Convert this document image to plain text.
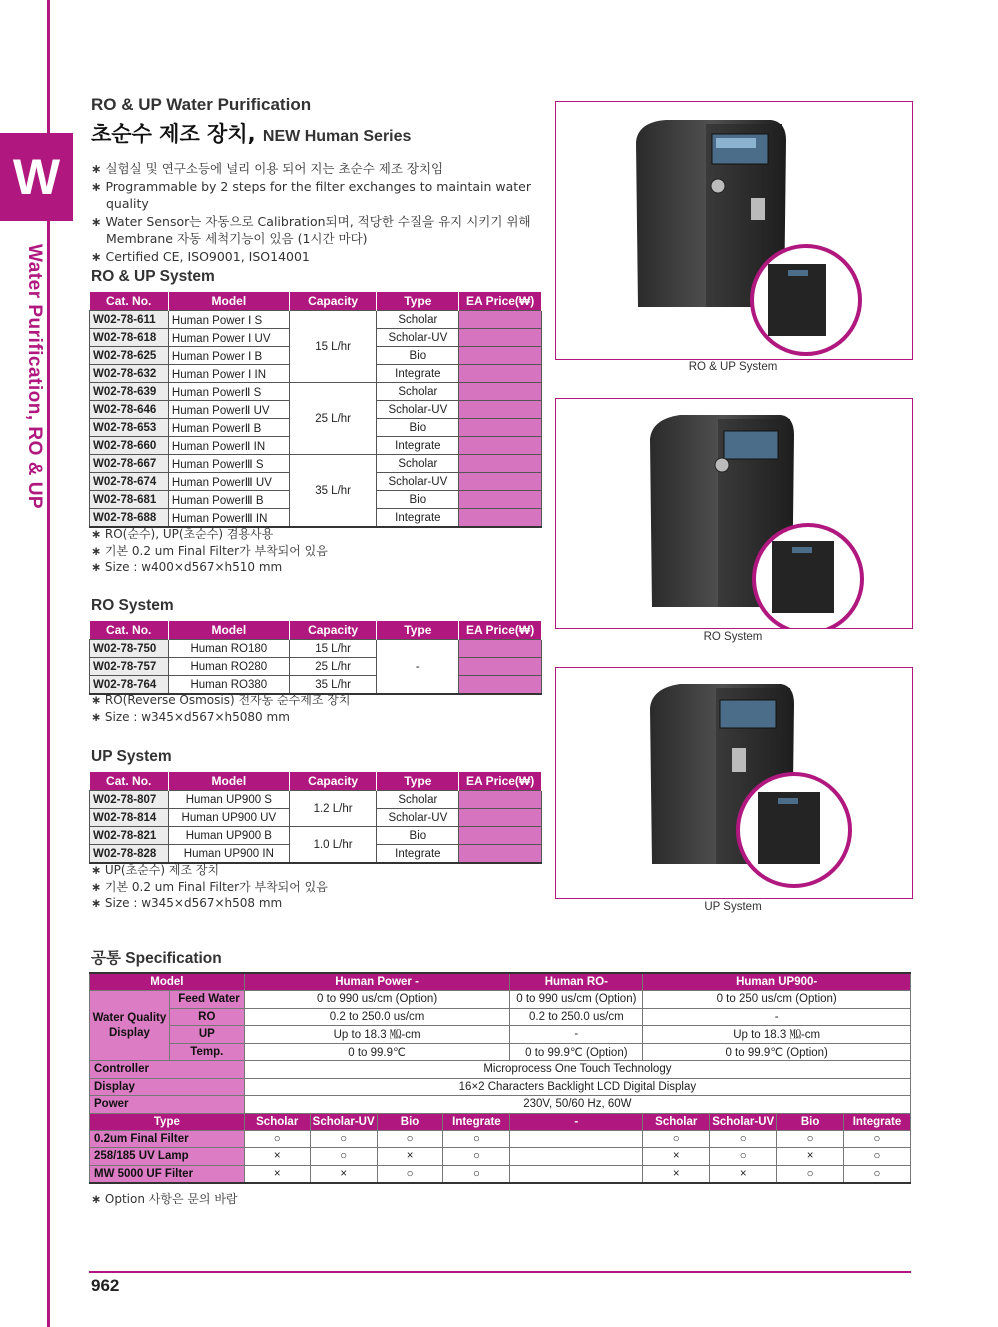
W
Water Purification, RO & UP
RO & UP Water Purification
초순수 제조 장치, NEW Human Series
∗ 실험실 및 연구소등에 널리 이용 되어 지는 초순수 제조 장치임
∗ Programmable by 2 steps for the filter exchanges to maintain water quality
∗ Water Sensor는 자동으로 Calibration되며, 적당한 수질을 유지 시키기 위해 Membrane 자동 세척기능이 있음 (1시간 마다)
∗ Certified CE, ISO9001, ISO14001
RO & UP System
Cat. No.	Model	Capacity	Type	EA Price(₩)
W02-78-611	Human Power Ⅰ S	15 L/hr	Scholar	
W02-78-618	Human Power Ⅰ UV		Scholar-UV	
W02-78-625	Human Power Ⅰ B		Bio	
W02-78-632	Human Power Ⅰ IN		Integrate	
W02-78-639	Human PowerⅡ S	25 L/hr	Scholar	
W02-78-646	Human PowerⅡ UV		Scholar-UV	
W02-78-653	Human PowerⅡ B		Bio	
W02-78-660	Human PowerⅡ IN		Integrate	
W02-78-667	Human PowerⅢ S	35 L/hr	Scholar	
W02-78-674	Human PowerⅢ UV		Scholar-UV	
W02-78-681	Human PowerⅢ B		Bio	
W02-78-688	Human PowerⅢ IN		Integrate	
∗ RO(순수), UP(초순수) 겸용사용
∗ 기본 0.2 um Final Filter가 부착되어 있음
∗ Size : w400×d567×h510 mm
RO System
Cat. No.	Model	Capacity	Type	EA Price(₩)
W02-78-750	Human RO180	15 L/hr	-	
W02-78-757	Human RO280	25 L/hr		
W02-78-764	Human RO380	35 L/hr		
∗ RO(Reverse Osmosis) 전자동 순수제조 장치
∗ Size : w345×d567×h5080 mm
UP System
Cat. No.	Model	Capacity	Type	EA Price(₩)
W02-78-807	Human UP900 S	1.2 L/hr	Scholar	
W02-78-814	Human UP900 UV		Scholar-UV	
W02-78-821	Human UP900 B	1.0 L/hr	Bio	
W02-78-828	Human UP900 IN		Integrate	
∗ UP(초순수) 제조 장치
∗ 기본 0.2 um Final Filter가 부착되어 있음
∗ Size : w345×d567×h508 mm
RO & UP System
RO System
UP System
공통 Specification
Model		Human Power -				Human RO-	Human UP900-			
Water Quality Display	Feed Water	0 to 990 us/cm (Option)				0 to 990 us/cm (Option)	0 to 250 us/cm (Option)			
	RO	0.2 to 250.0 us/cm				0.2 to 250.0 us/cm	-			
	UP	Up to 18.3 ㏁-cm				-	Up to 18.3 ㏁-cm			
	Temp.	0 to 99.9℃				0 to 99.9℃ (Option)	0 to 99.9℃ (Option)			
Controller		Microprocess One Touch Technology								
Display		16×2 Characters Backlight LCD Digital Display								
Power		230V, 50/60 Hz, 60W								
Type		Scholar	Scholar-UV	Bio	Integrate	-	Scholar	Scholar-UV	Bio	Integrate
0.2um Final Filter		○	○	○	○		○	○	○	○
258/185 UV Lamp		×	○	×	○		×	○	×	○
MW 5000 UF Filter		×	×	○	○		×	×	○	○
∗ Option 사항은 문의 바람
962
